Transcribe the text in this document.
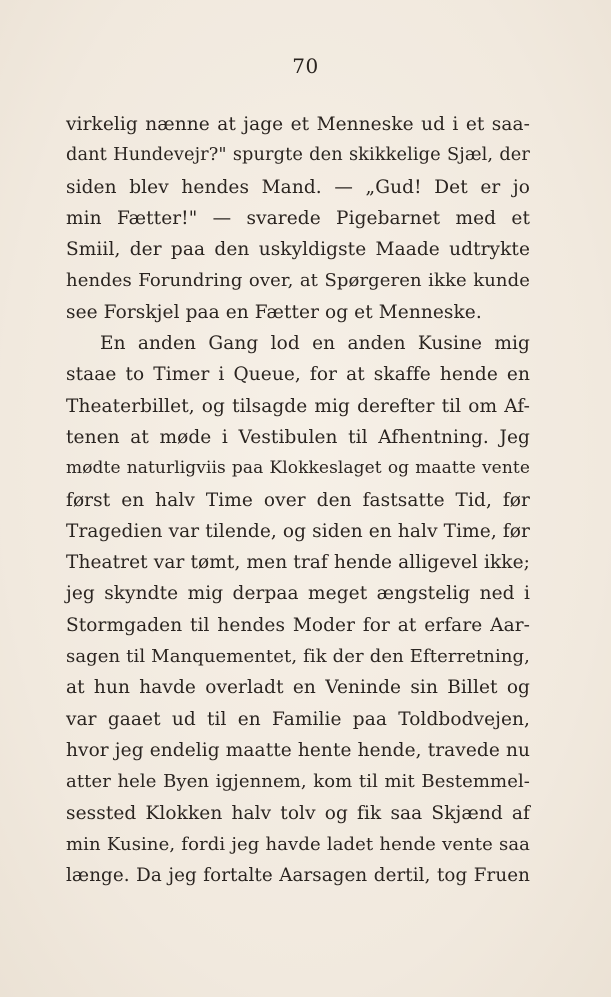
70
virkelig nænne at jage et Menneske ud i et saa-
dant Hundevejr?" spurgte den skikkelige Sjæl, der
siden blev hendes Mand. — „Gud! Det er jo
min Fætter!" — svarede Pigebarnet med et
Smiil, der paa den uskyldigste Maade udtrykte
hendes Forundring over, at Spørgeren ikke kunde
see Forskjel paa en Fætter og et Menneske.
En anden Gang lod en anden Kusine mig
staae to Timer i Queue, for at skaffe hende en
Theaterbillet, og tilsagde mig derefter til om Af-
tenen at møde i Vestibulen til Afhentning. Jeg
mødte naturligviis paa Klokkeslaget og maatte vente
først en halv Time over den fastsatte Tid, før
Tragedien var tilende, og siden en halv Time, før
Theatret var tømt, men traf hende alligevel ikke;
jeg skyndte mig derpaa meget ængstelig ned i
Stormgaden til hendes Moder for at erfare Aar-
sagen til Manquementet, fik der den Efterretning,
at hun havde overladt en Veninde sin Billet og
var gaaet ud til en Familie paa Toldbodvejen,
hvor jeg endelig maatte hente hende, travede nu
atter hele Byen igjennem, kom til mit Bestemmel-
sessted Klokken halv tolv og fik saa Skjænd af
min Kusine, fordi jeg havde ladet hende vente saa
længe. Da jeg fortalte Aarsagen dertil, tog Fruen
